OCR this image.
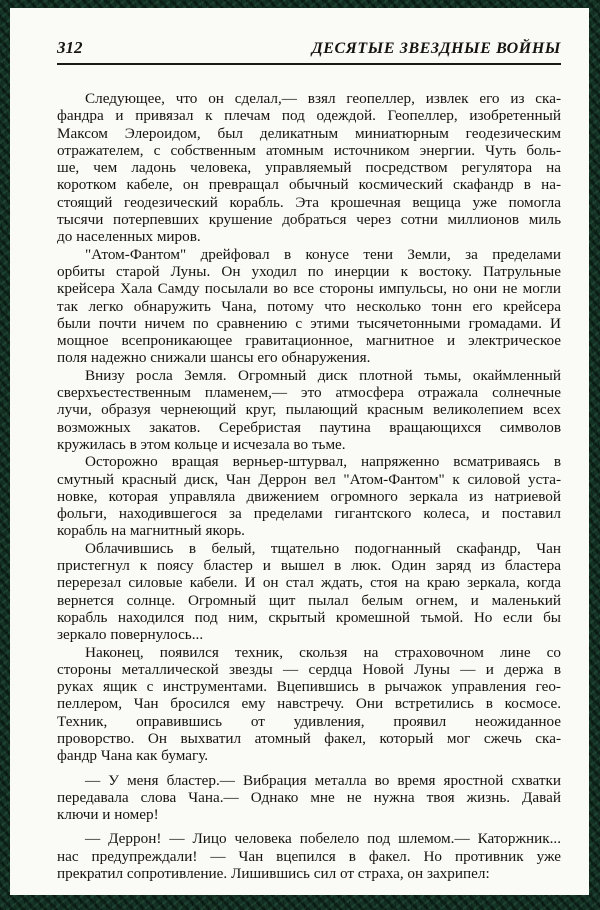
312	ДЕСЯТЫЕ ЗВЕЗДНЫЕ ВОЙНЫ
Следующее, что он сделал,— взял геопеллер, извлек его из ска-
фандра и привязал к плечам под одеждой. Геопеллер, изобретенный
Максом Элероидом, был деликатным миниатюрным геодезическим
отражателем, с собственным атомным источником энергии. Чуть боль-
ше, чем ладонь человека, управляемый посредством регулятора на
коротком кабеле, он превращал обычный космический скафандр в на-
стоящий геодезический корабль. Эта крошечная вещица уже помогла
тысячи потерпевших крушение добраться через сотни миллионов миль
до населенных миров.
"Атом-Фантом" дрейфовал в конусе тени Земли, за пределами
орбиты старой Луны. Он уходил по инерции к востоку. Патрульные
крейсера Хала Самду посылали во все стороны импульсы, но они не могли
так легко обнаружить Чана, потому что несколько тонн его крейсера
были почти ничем по сравнению с этими тысячетонными громадами. И
мощное всепроникающее гравитационное, магнитное и электрическое
поля надежно снижали шансы его обнаружения.
Внизу росла Земля. Огромный диск плотной тьмы, окаймленный
сверхъестественным пламенем,— это атмосфера отражала солнечные
лучи, образуя чернеющий круг, пылающий красным великолепием всех
возможных закатов. Серебристая паутина вращающихся символов
кружилась в этом кольце и исчезала во тьме.
Осторожно вращая верньер-штурвал, напряженно всматриваясь в
смутный красный диск, Чан Деррон вел "Атом-Фантом" к силовой уста-
новке, которая управляла движением огромного зеркала из натриевой
фольги, находившегося за пределами гигантского колеса, и поставил
корабль на магнитный якорь.
Облачившись в белый, тщательно подогнанный скафандр, Чан
пристегнул к поясу бластер и вышел в люк. Один заряд из бластера
перерезал силовые кабели. И он стал ждать, стоя на краю зеркала, когда
вернется солнце. Огромный щит пылал белым огнем, и маленький
корабль находился под ним, скрытый кромешной тьмой. Но если бы
зеркало повернулось...
Наконец, появился техник, скользя на страховочном лине со
стороны металлической звезды — сердца Новой Луны — и держа в
руках ящик с инструментами. Вцепившись в рычажок управления гео-
пеллером, Чан бросился ему навстречу. Они встретились в космосе.
Техник, оправившись от удивления, проявил неожиданное
проворство. Он выхватил атомный факел, который мог сжечь ска-
фандр Чана как бумагу.
— У меня бластер.— Вибрация металла во время яростной схватки
передавала слова Чана.— Однако мне не нужна твоя жизнь. Давай
ключи и номер!
— Деррон! — Лицо человека побелело под шлемом.— Каторжник...
нас предупреждали! — Чан вцепился в факел. Но противник уже
прекратил сопротивление. Лишившись сил от страха, он захрипел:
